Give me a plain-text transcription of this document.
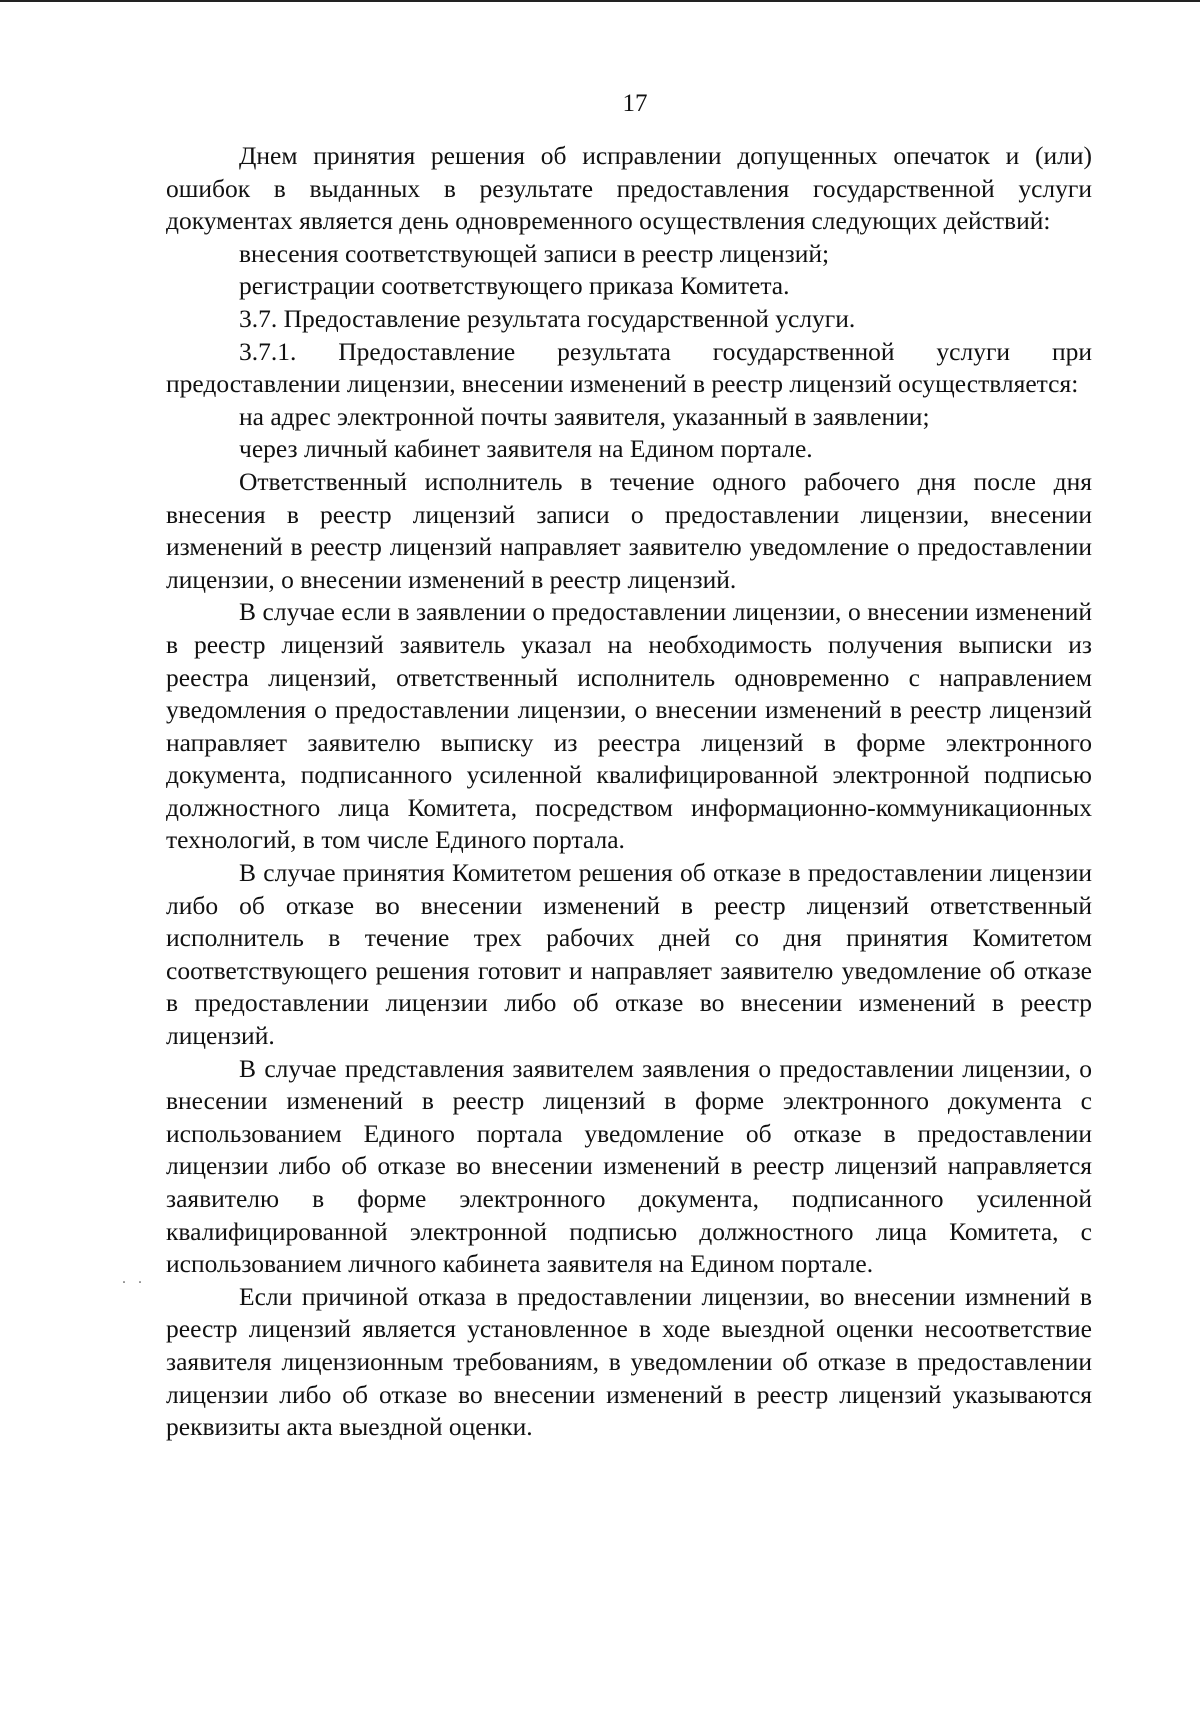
17
. .

Днем принятия решения об исправлении допущенных опечаток и (или) ошибок в выданных в результате предоставления государственной услуги документах является день одновременного осуществления следующих действий:

внесения соответствующей записи в реестр лицензий;

регистрации соответствующего приказа Комитета.

3.7. Предоставление результата государственной услуги.

3.7.1. Предоставление результата государственной услуги при предоставлении лицензии, внесении изменений в реестр лицензий осуществляется:

на адрес электронной почты заявителя, указанный в заявлении;

через личный кабинет заявителя на Едином портале.

Ответственный исполнитель в течение одного рабочего дня после дня внесения в реестр лицензий записи о предоставлении лицензии, внесении изменений в реестр лицензий направляет заявителю уведомление о предоставлении лицензии, о внесении изменений в реестр лицензий.

В случае если в заявлении о предоставлении лицензии, о внесении изменений в реестр лицензий заявитель указал на необходимость получения выписки из реестра лицензий, ответственный исполнитель одновременно с направлением уведомления о предоставлении лицензии, о внесении изменений в реестр лицензий направляет заявителю выписку из реестра лицензий в форме электронного документа, подписанного усиленной квалифицированной электронной подписью должностного лица Комитета, посредством информационно-коммуникационных технологий, в том числе Единого портала.

В случае принятия Комитетом решения об отказе в предоставлении лицензии либо об отказе во внесении изменений в реестр лицензий ответственный исполнитель в течение трех рабочих дней со дня принятия Комитетом соответствующего решения готовит и направляет заявителю уведомление об отказе в предоставлении лицензии либо об отказе во внесении изменений в реестр лицензий.

В случае представления заявителем заявления о предоставлении лицензии, о внесении изменений в реестр лицензий в форме электронного документа с использованием Единого портала уведомление об отказе в предоставлении лицензии либо об отказе во внесении изменений в реестр лицензий направляется заявителю в форме электронного документа, подписанного усиленной квалифицированной электронной подписью должностного лица Комитета, с использованием личного кабинета заявителя на Едином портале.

Если причиной отказа в предоставлении лицензии, во внесении измнений в реестр лицензий является установленное в ходе выездной оценки несоответствие заявителя лицензионным требованиям, в уведомлении об отказе в предоставлении лицензии либо об отказе во внесении изменений в реестр лицензий указываются реквизиты акта выездной оценки.
